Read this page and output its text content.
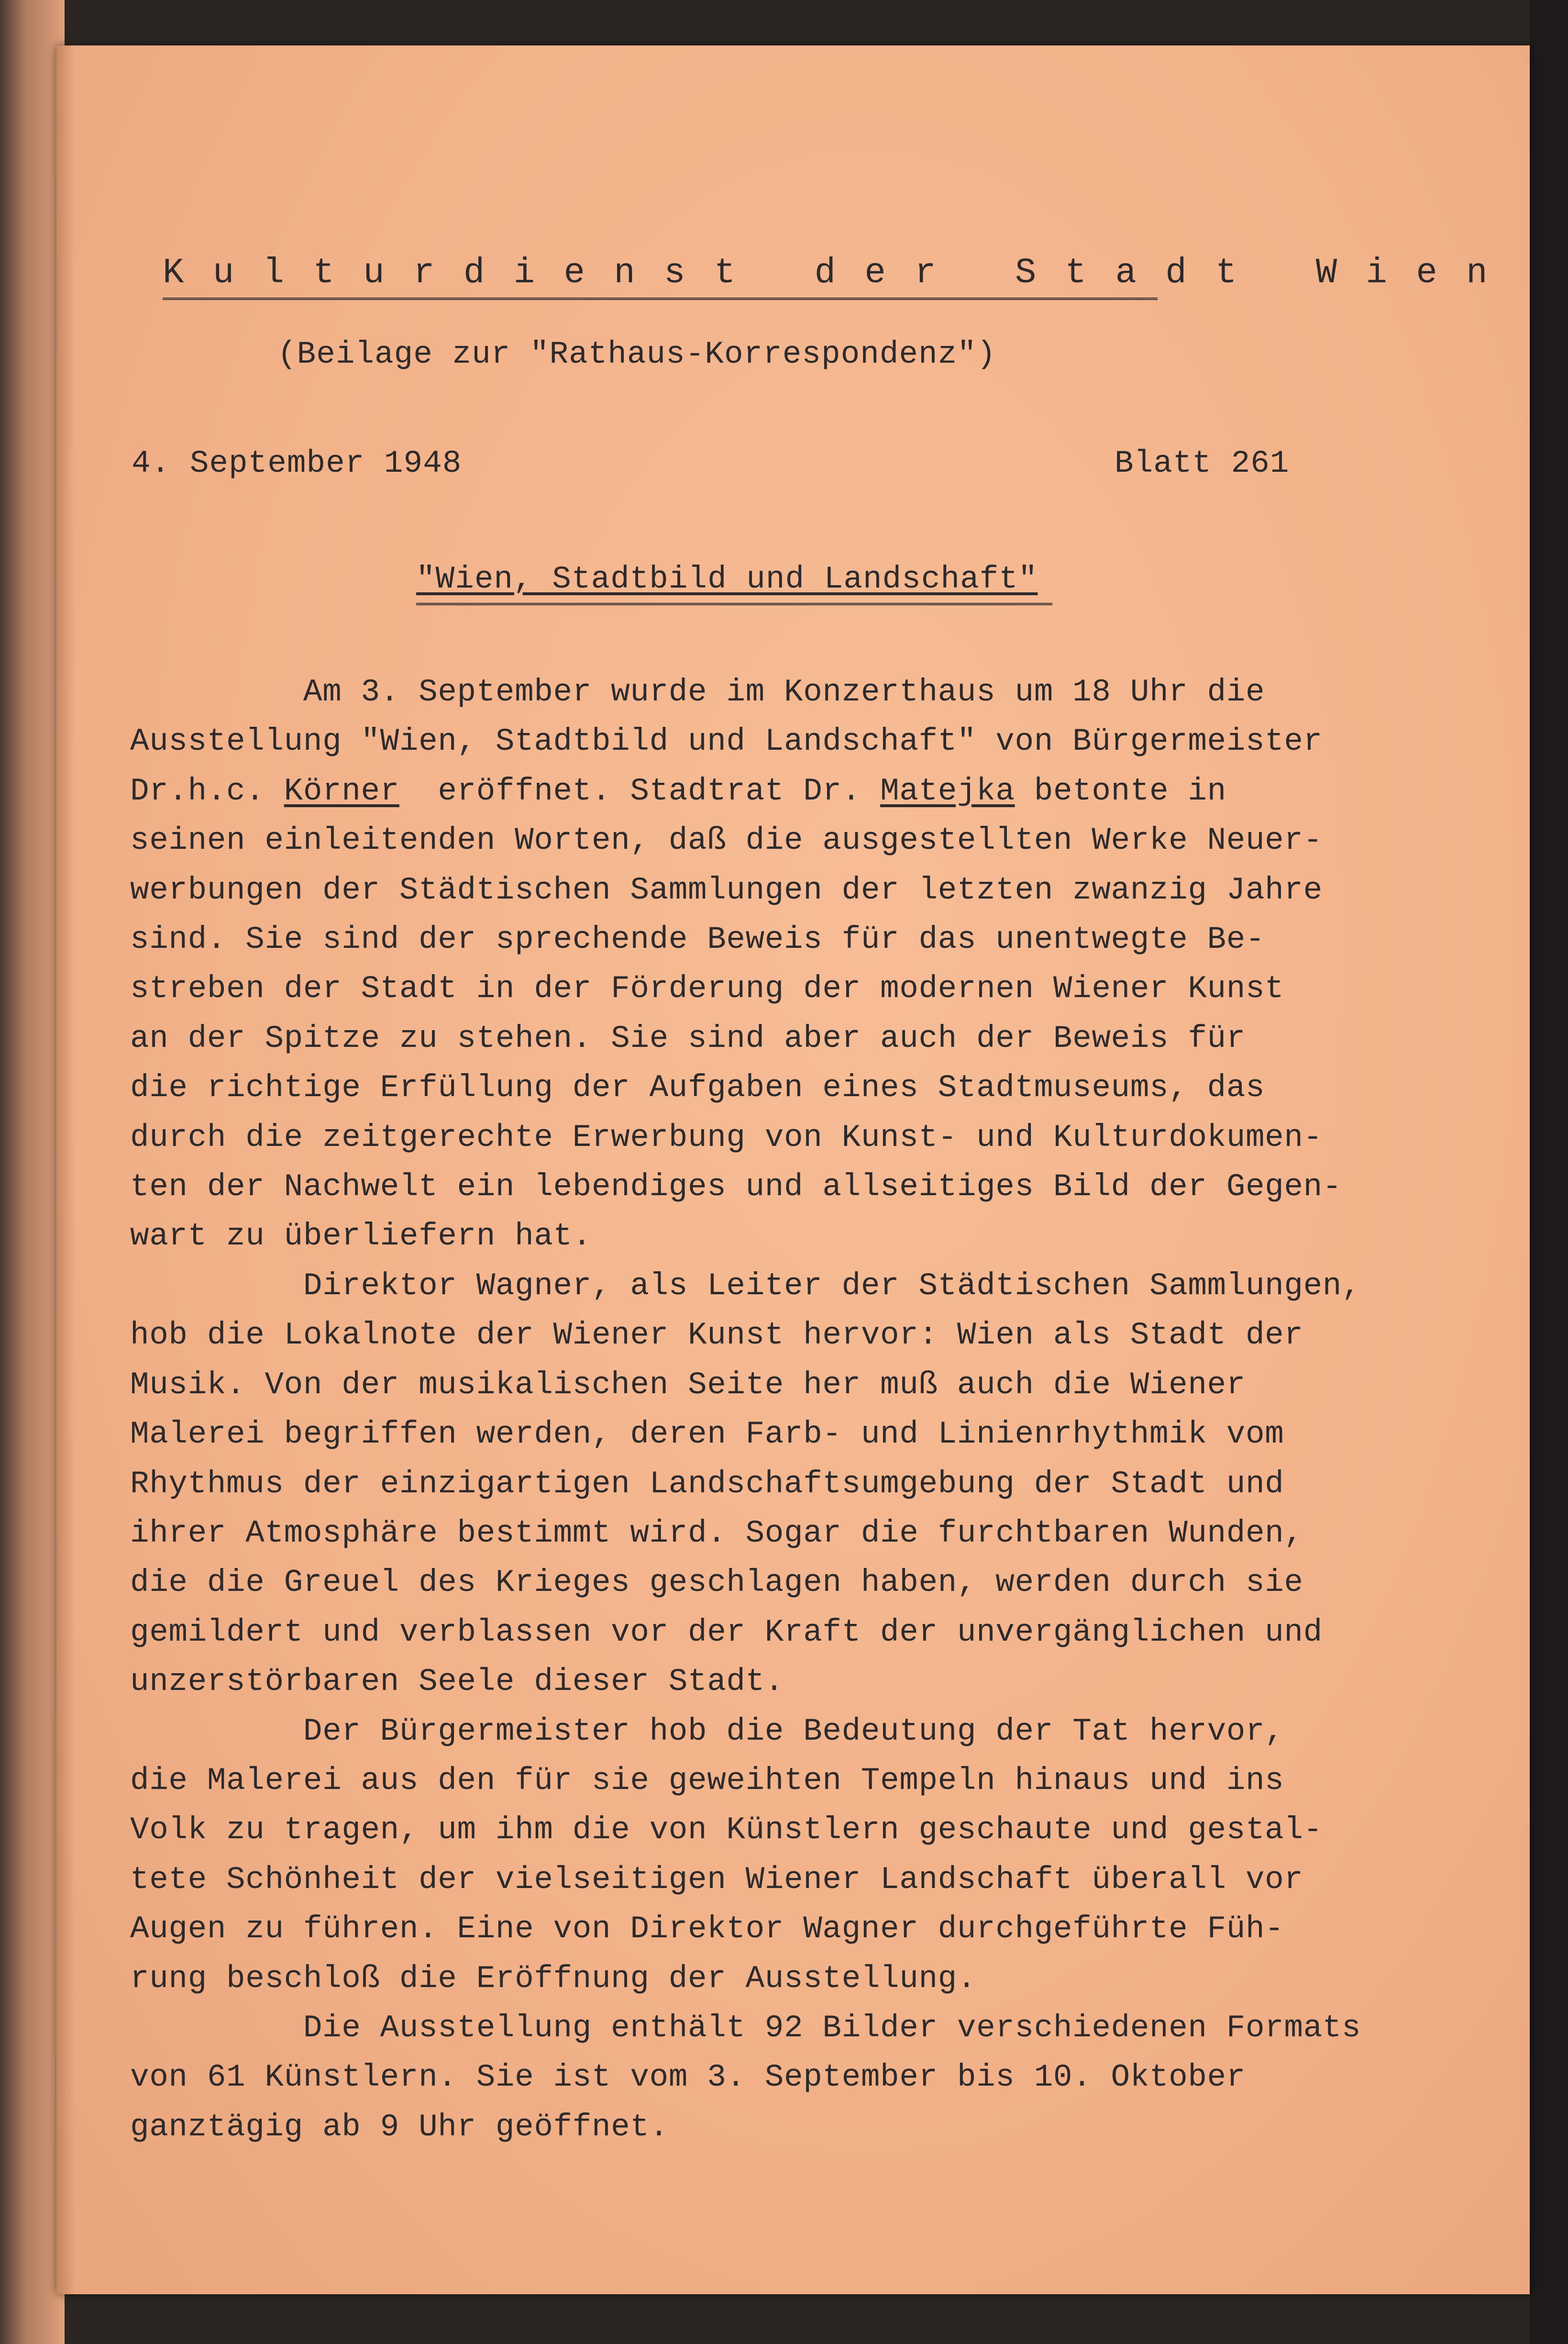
K u l t u r d i e n s t   d e r   S t a d t   W i e n
(Beilage zur "Rathaus-Korrespondenz")
4. September 1948	Blatt 261
"Wien, Stadtbild und Landschaft"
Am 3. September wurde im Konzerthaus um 18 Uhr die
Ausstellung "Wien, Stadtbild und Landschaft" von Bürgermeister
Dr.h.c. Körner  eröffnet. Stadtrat Dr. Matejka betonte in
seinen einleitenden Worten, daß die ausgestellten Werke Neuer-
werbungen der Städtischen Sammlungen der letzten zwanzig Jahre
sind. Sie sind der sprechende Beweis für das unentwegte Be-
streben der Stadt in der Förderung der modernen Wiener Kunst
an der Spitze zu stehen. Sie sind aber auch der Beweis für
die richtige Erfüllung der Aufgaben eines Stadtmuseums, das
durch die zeitgerechte Erwerbung von Kunst- und Kulturdokumen-
ten der Nachwelt ein lebendiges und allseitiges Bild der Gegen-
wart zu überliefern hat.
Direktor Wagner, als Leiter der Städtischen Sammlungen,
hob die Lokalnote der Wiener Kunst hervor: Wien als Stadt der
Musik. Von der musikalischen Seite her muß auch die Wiener
Malerei begriffen werden, deren Farb- und Linienrhythmik vom
Rhythmus der einzigartigen Landschaftsumgebung der Stadt und
ihrer Atmosphäre bestimmt wird. Sogar die furchtbaren Wunden,
die die Greuel des Krieges geschlagen haben, werden durch sie
gemildert und verblassen vor der Kraft der unvergänglichen und
unzerstörbaren Seele dieser Stadt.
Der Bürgermeister hob die Bedeutung der Tat hervor,
die Malerei aus den für sie geweihten Tempeln hinaus und ins
Volk zu tragen, um ihm die von Künstlern geschaute und gestal-
tete Schönheit der vielseitigen Wiener Landschaft überall vor
Augen zu führen. Eine von Direktor Wagner durchgeführte Füh-
rung beschloß die Eröffnung der Ausstellung.
Die Ausstellung enthält 92 Bilder verschiedenen Formats
von 61 Künstlern. Sie ist vom 3. September bis 10. Oktober
ganztägig ab 9 Uhr geöffnet.
